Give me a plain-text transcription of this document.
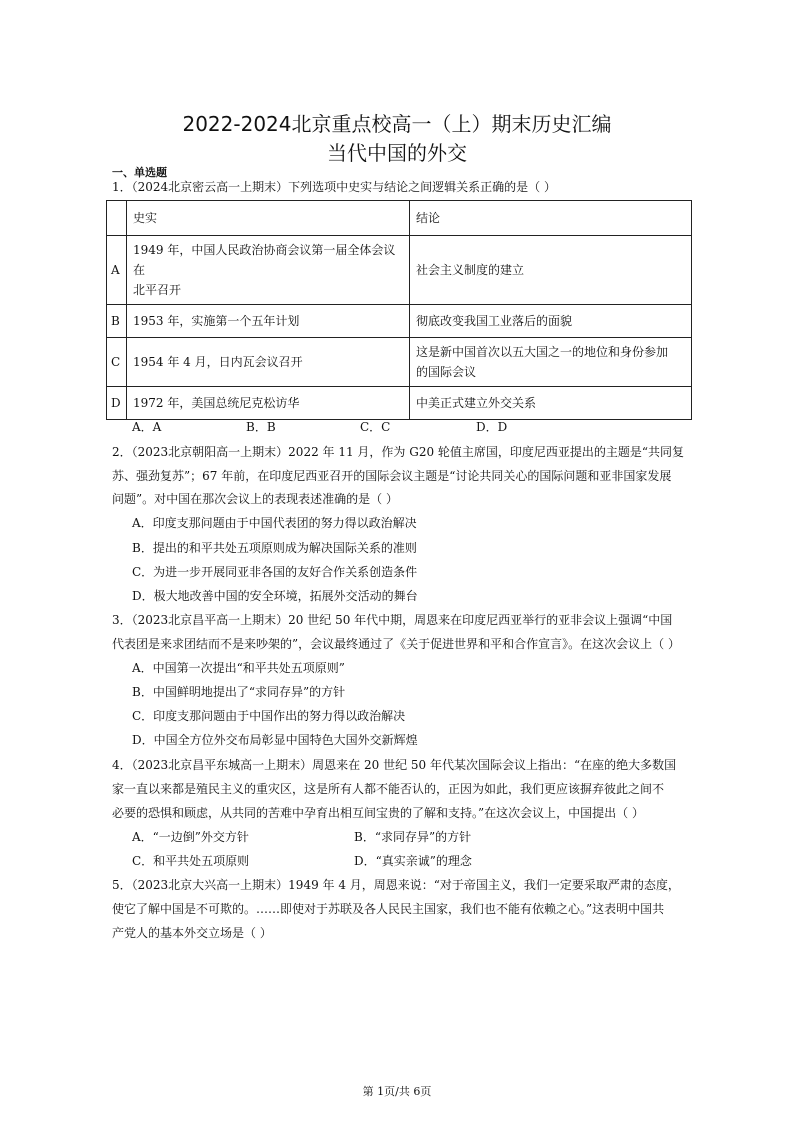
2022-2024北京重点校高一（上）期末历史汇编
当代中国的外交
一、单选题
1．（2024北京密云高一上期末）下列选项中史实与结论之间逻辑关系正确的是（ ）
	史实	结论
A	1949 年，中国人民政治协商会议第一届全体会议在
北平召开	社会主义制度的建立
B	1953 年，实施第一个五年计划	彻底改变我国工业落后的面貌
C	1954 年 4 月，日内瓦会议召开	这是新中国首次以五大国之一的地位和身份参加
的国际会议

D	1972 年，美国总统尼克松访华	中美正式建立外交关系
A．A	B．B	C．C	D．D
2．（2023北京朝阳高一上期末）2022 年 11 月，作为 G20 轮值主席国，印度尼西亚提出的主题是“共同复
苏、强劲复苏”；67 年前，在印度尼西亚召开的国际会议主题是“讨论共同关心的国际问题和亚非国家发展
问题”。对中国在那次会议上的表现表述准确的是（ ）
A．印度支那问题由于中国代表团的努力得以政治解决
B．提出的和平共处五项原则成为解决国际关系的准则
C．为进一步开展同亚非各国的友好合作关系创造条件
D．极大地改善中国的安全环境，拓展外交活动的舞台
3．（2023北京昌平高一上期末）20 世纪 50 年代中期，周恩来在印度尼西亚举行的亚非会议上强调“中国
代表团是来求团结而不是来吵架的”，会议最终通过了《关于促进世界和平和合作宣言》。在这次会议上（ ）
A．中国第一次提出“和平共处五项原则”
B．中国鲜明地提出了“求同存异”的方针
C．印度支那问题由于中国作出的努力得以政治解决
D．中国全方位外交布局彰显中国特色大国外交新辉煌
4．（2023北京昌平东城高一上期末）周恩来在 20 世纪 50 年代某次国际会议上指出：“在座的绝大多数国
家一直以来都是殖民主义的重灾区，这是所有人都不能否认的，正因为如此，我们更应该摒弃彼此之间不
必要的恐惧和顾虑，从共同的苦难中孕育出相互间宝贵的了解和支持。”在这次会议上，中国提出（ ）
A．“一边倒”外交方针	B．“求同存异”的方针
C．和平共处五项原则	D．“真实亲诚”的理念
5．（2023北京大兴高一上期末）1949 年 4 月，周恩来说：“对于帝国主义，我们一定要采取严肃的态度，
使它了解中国是不可欺的。……即使对于苏联及各人民民主国家，我们也不能有依赖之心。”这表明中国共
产党人的基本外交立场是（ ）
第 1页/共 6页
